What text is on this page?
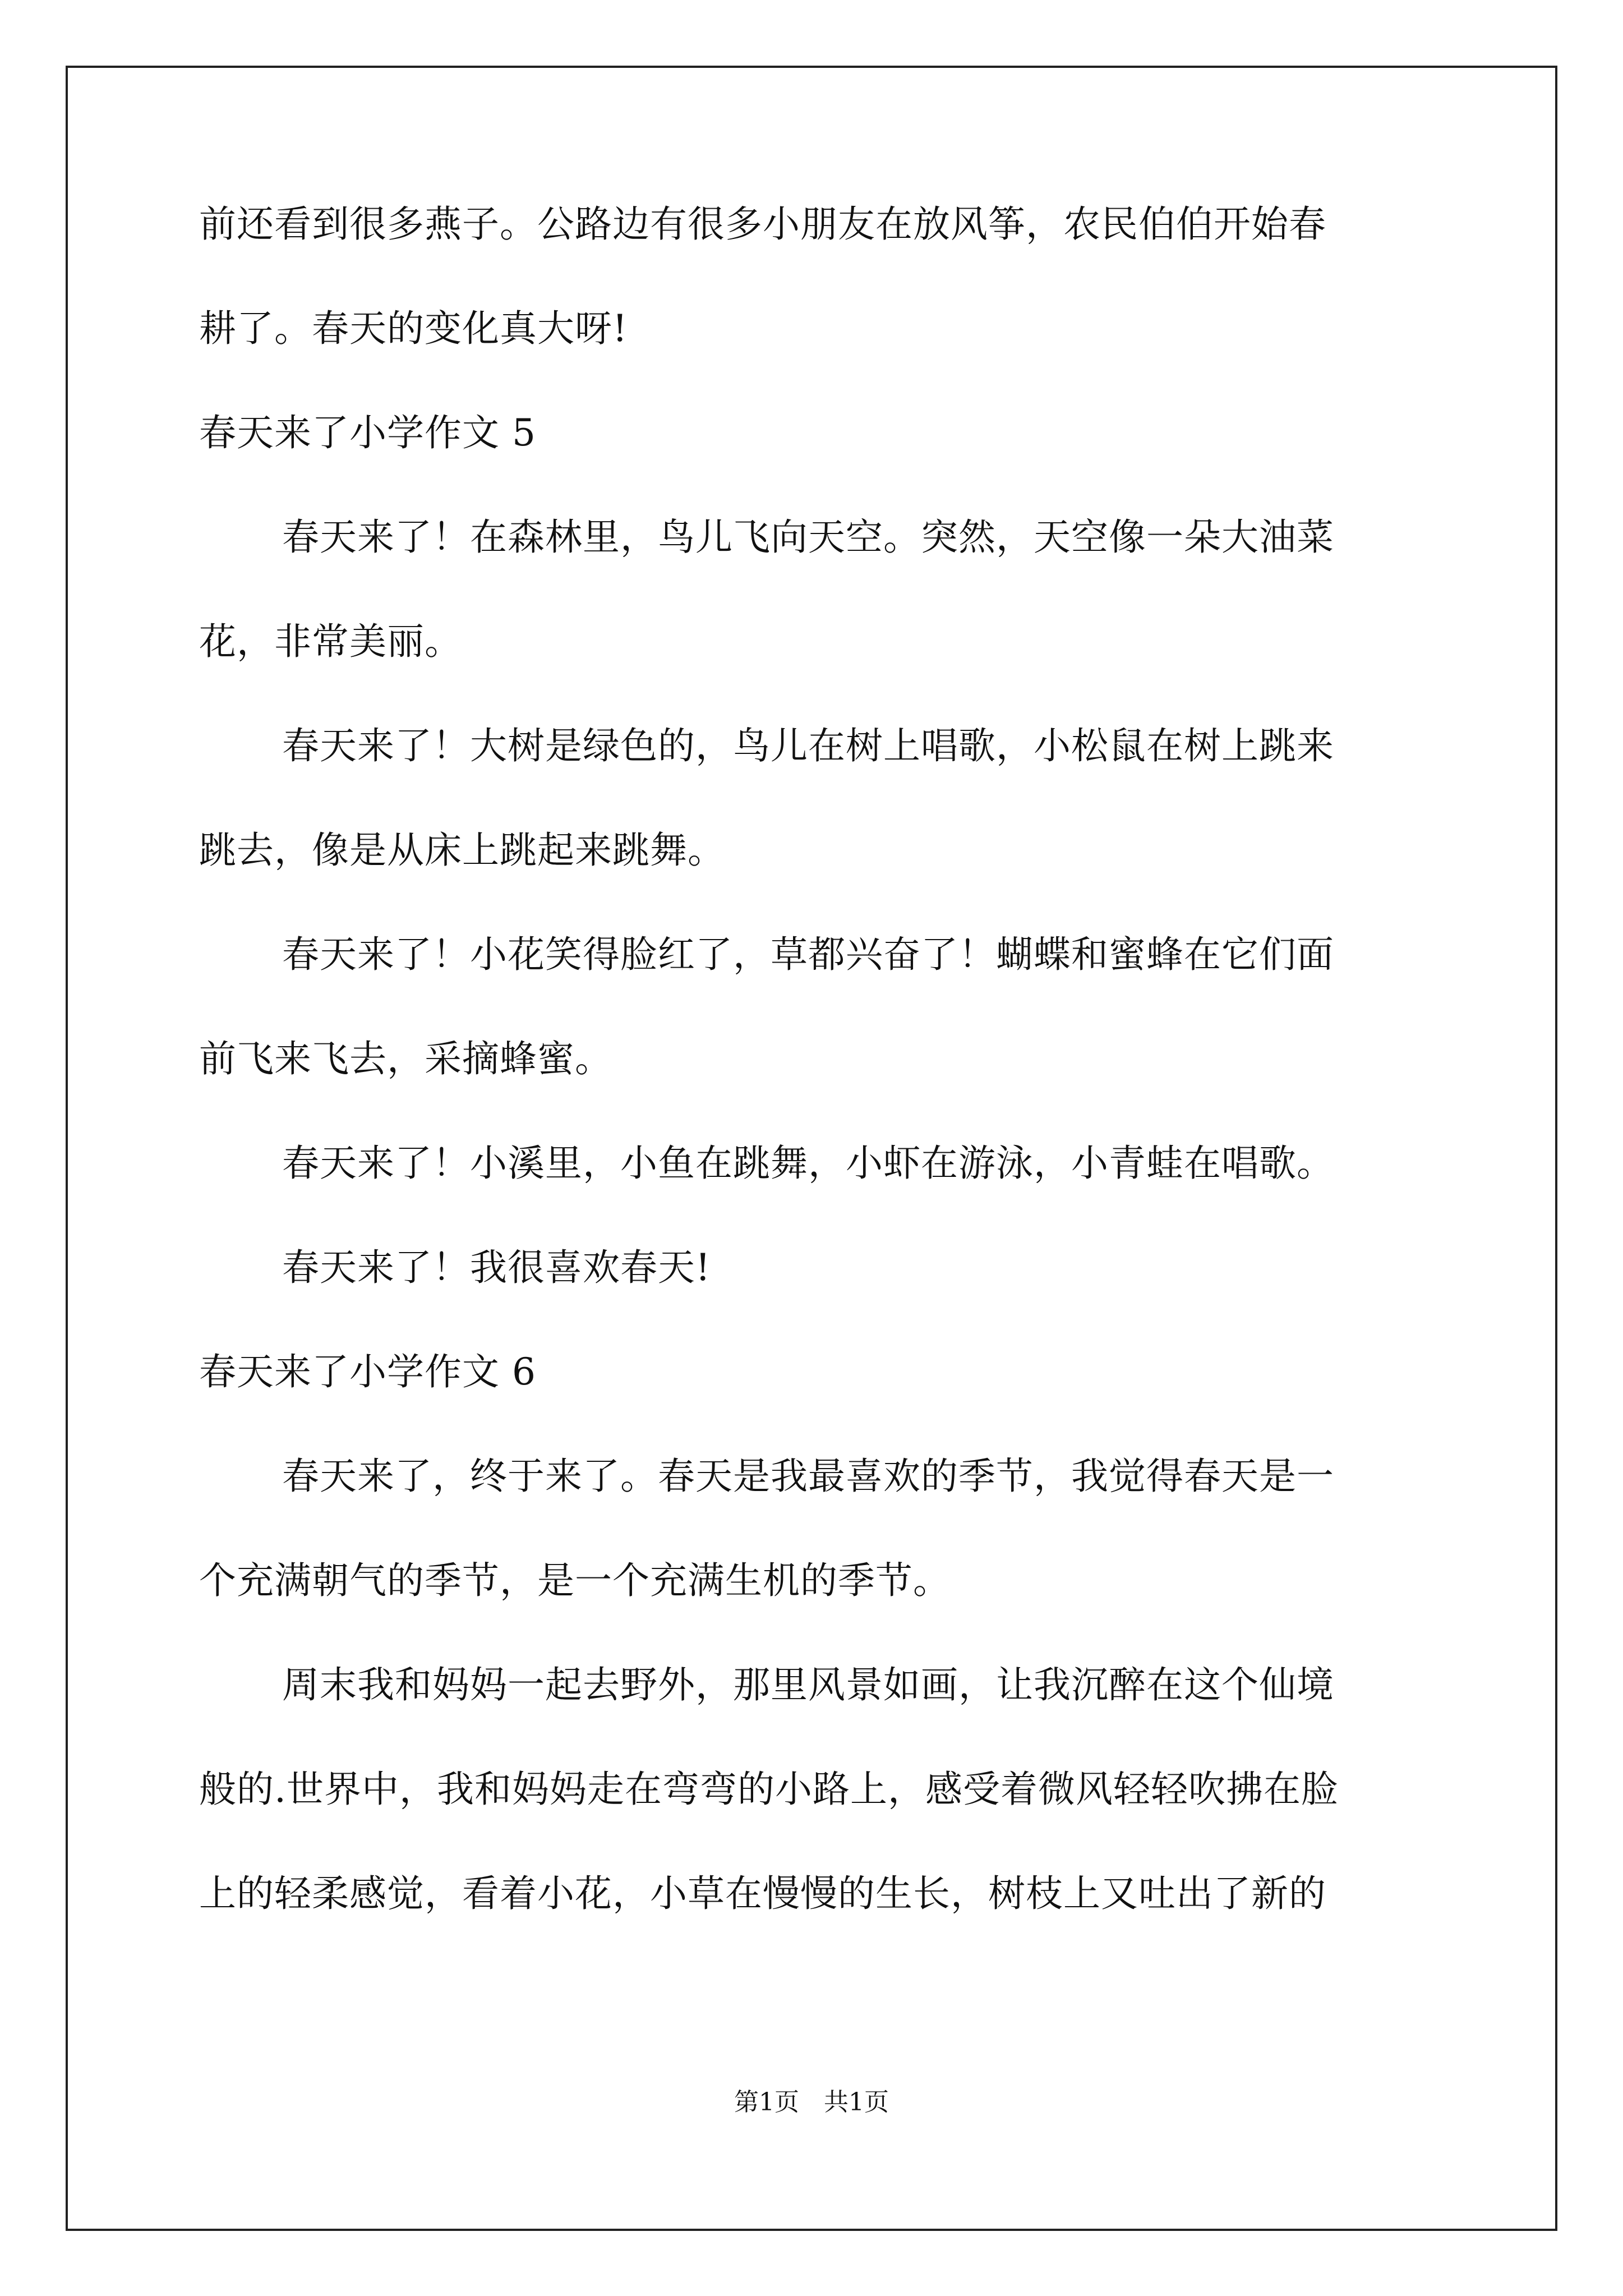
前还看到很多燕子。公路边有很多小朋友在放风筝，农民伯伯开始春
耕了。春天的变化真大呀!
春天来了小学作文 5
春天来了！在森林里，鸟儿飞向天空。突然，天空像一朵大油菜
花，非常美丽。
春天来了！大树是绿色的，鸟儿在树上唱歌，小松鼠在树上跳来
跳去，像是从床上跳起来跳舞。
春天来了！小花笑得脸红了，草都兴奋了！蝴蝶和蜜蜂在它们面
前飞来飞去，采摘蜂蜜。
春天来了！小溪里，小鱼在跳舞，小虾在游泳，小青蛙在唱歌。
春天来了！我很喜欢春天!
春天来了小学作文 6
春天来了，终于来了。春天是我最喜欢的季节，我觉得春天是一
个充满朝气的季节，是一个充满生机的季节。
周末我和妈妈一起去野外，那里风景如画，让我沉醉在这个仙境
般的.世界中，我和妈妈走在弯弯的小路上，感受着微风轻轻吹拂在脸
上的轻柔感觉，看着小花，小草在慢慢的生长，树枝上又吐出了新的
第1页　共1页
